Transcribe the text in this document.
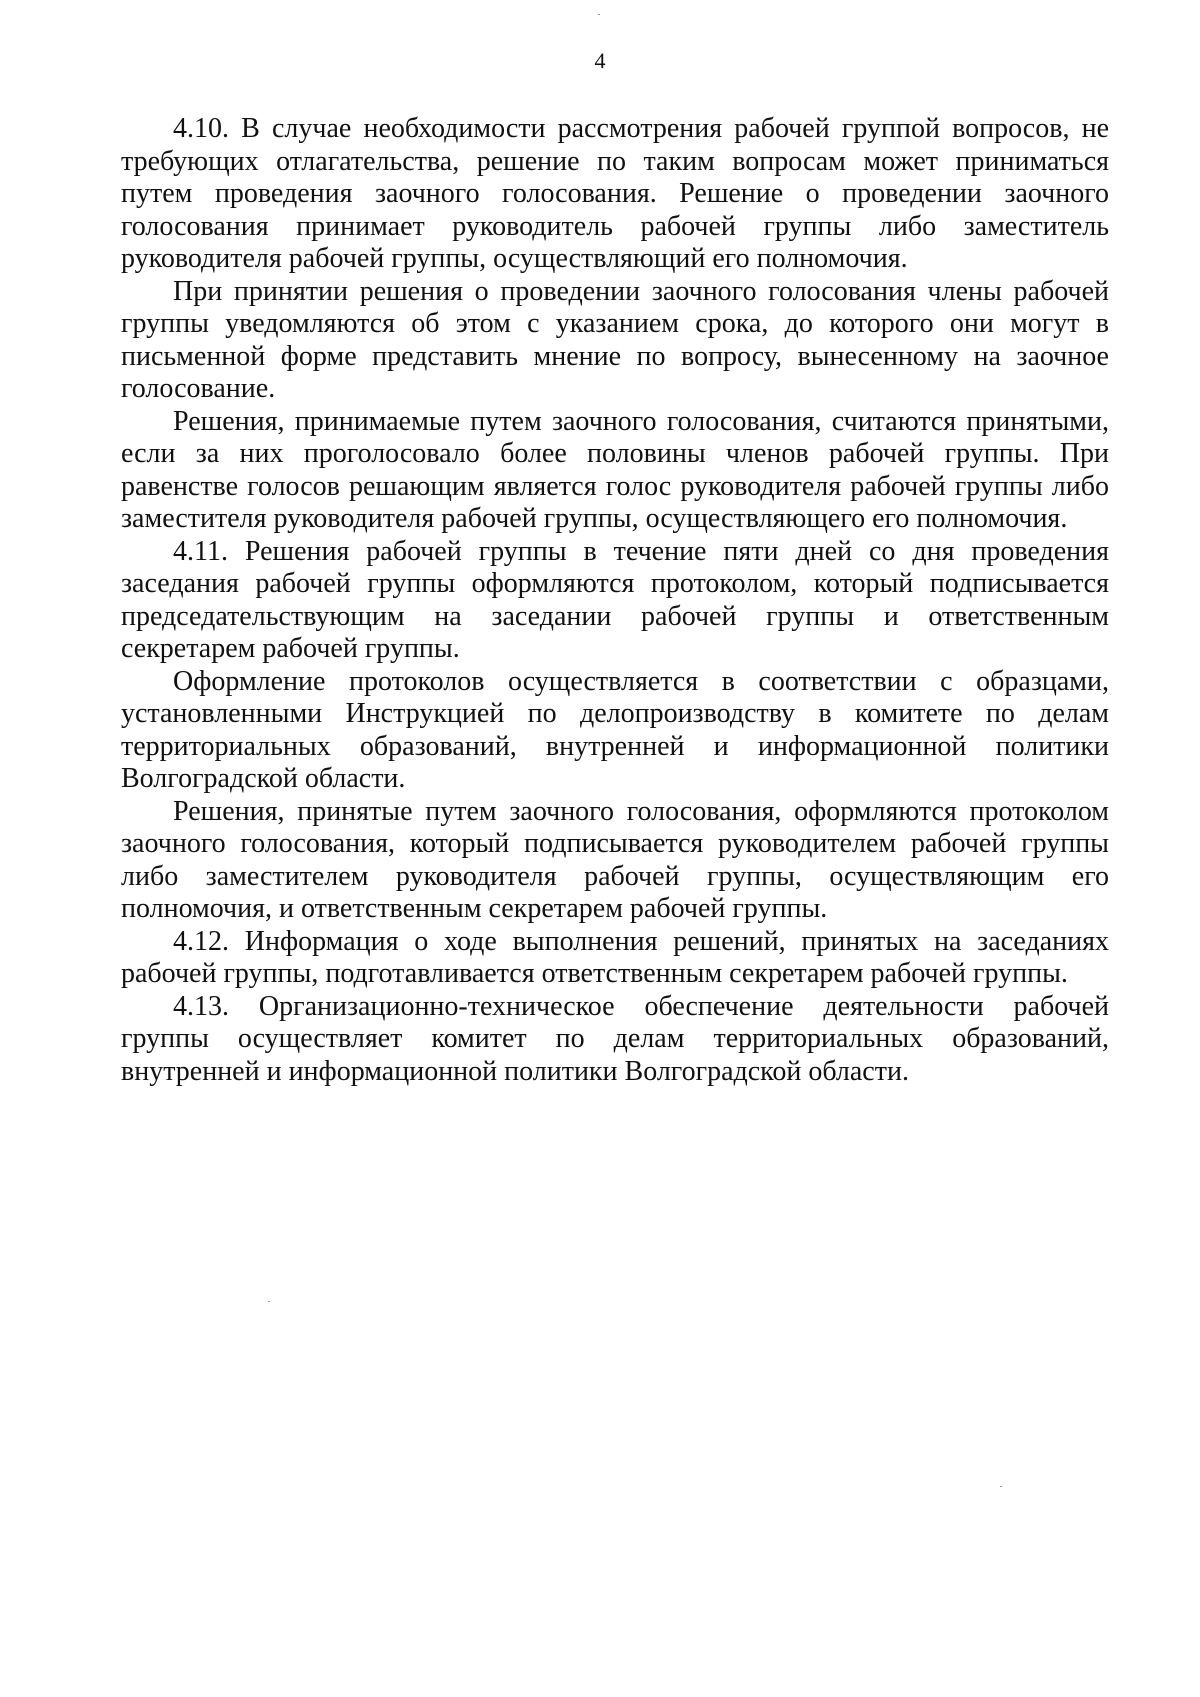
4

4.10. В случае необходимости рассмотрения рабочей группой вопросов, не требующих отлагательства, решение по таким вопросам может приниматься путем проведения заочного голосования. Решение о проведении заочного голосования принимает руководитель рабочей группы либо заместитель руководителя рабочей группы, осуществляющий его полномочия.

При принятии решения о проведении заочного голосования члены рабочей группы уведомляются об этом с указанием срока, до которого они могут в письменной форме представить мнение по вопросу, вынесенному на заочное голосование.

Решения, принимаемые путем заочного голосования, считаются принятыми, если за них проголосовало более половины членов рабочей группы. При равенстве голосов решающим является голос руководителя рабочей группы либо заместителя руководителя рабочей группы, осуществляющего его полномочия.

4.11. Решения рабочей группы в течение пяти дней со дня проведения заседания рабочей группы оформляются протоколом, который подписывается председательствующим на заседании рабочей группы и ответственным секретарем рабочей группы.

Оформление протоколов осуществляется в соответствии с образцами, установленными Инструкцией по делопроизводству в комитете по делам территориальных образований, внутренней и информационной политики Волгоградской области.

Решения, принятые путем заочного голосования, оформляются протоколом заочного голосования, который подписывается руководителем рабочей группы либо заместителем руководителя рабочей группы, осуществляющим его полномочия, и ответственным секретарем рабочей группы.

4.12. Информация о ходе выполнения решений, принятых на заседаниях рабочей группы, подготавливается ответственным секретарем рабочей группы.

4.13. Организационно-техническое обеспечение деятельности рабочей группы осуществляет комитет по делам территориальных образований, внутренней и информационной политики Волгоградской области.
